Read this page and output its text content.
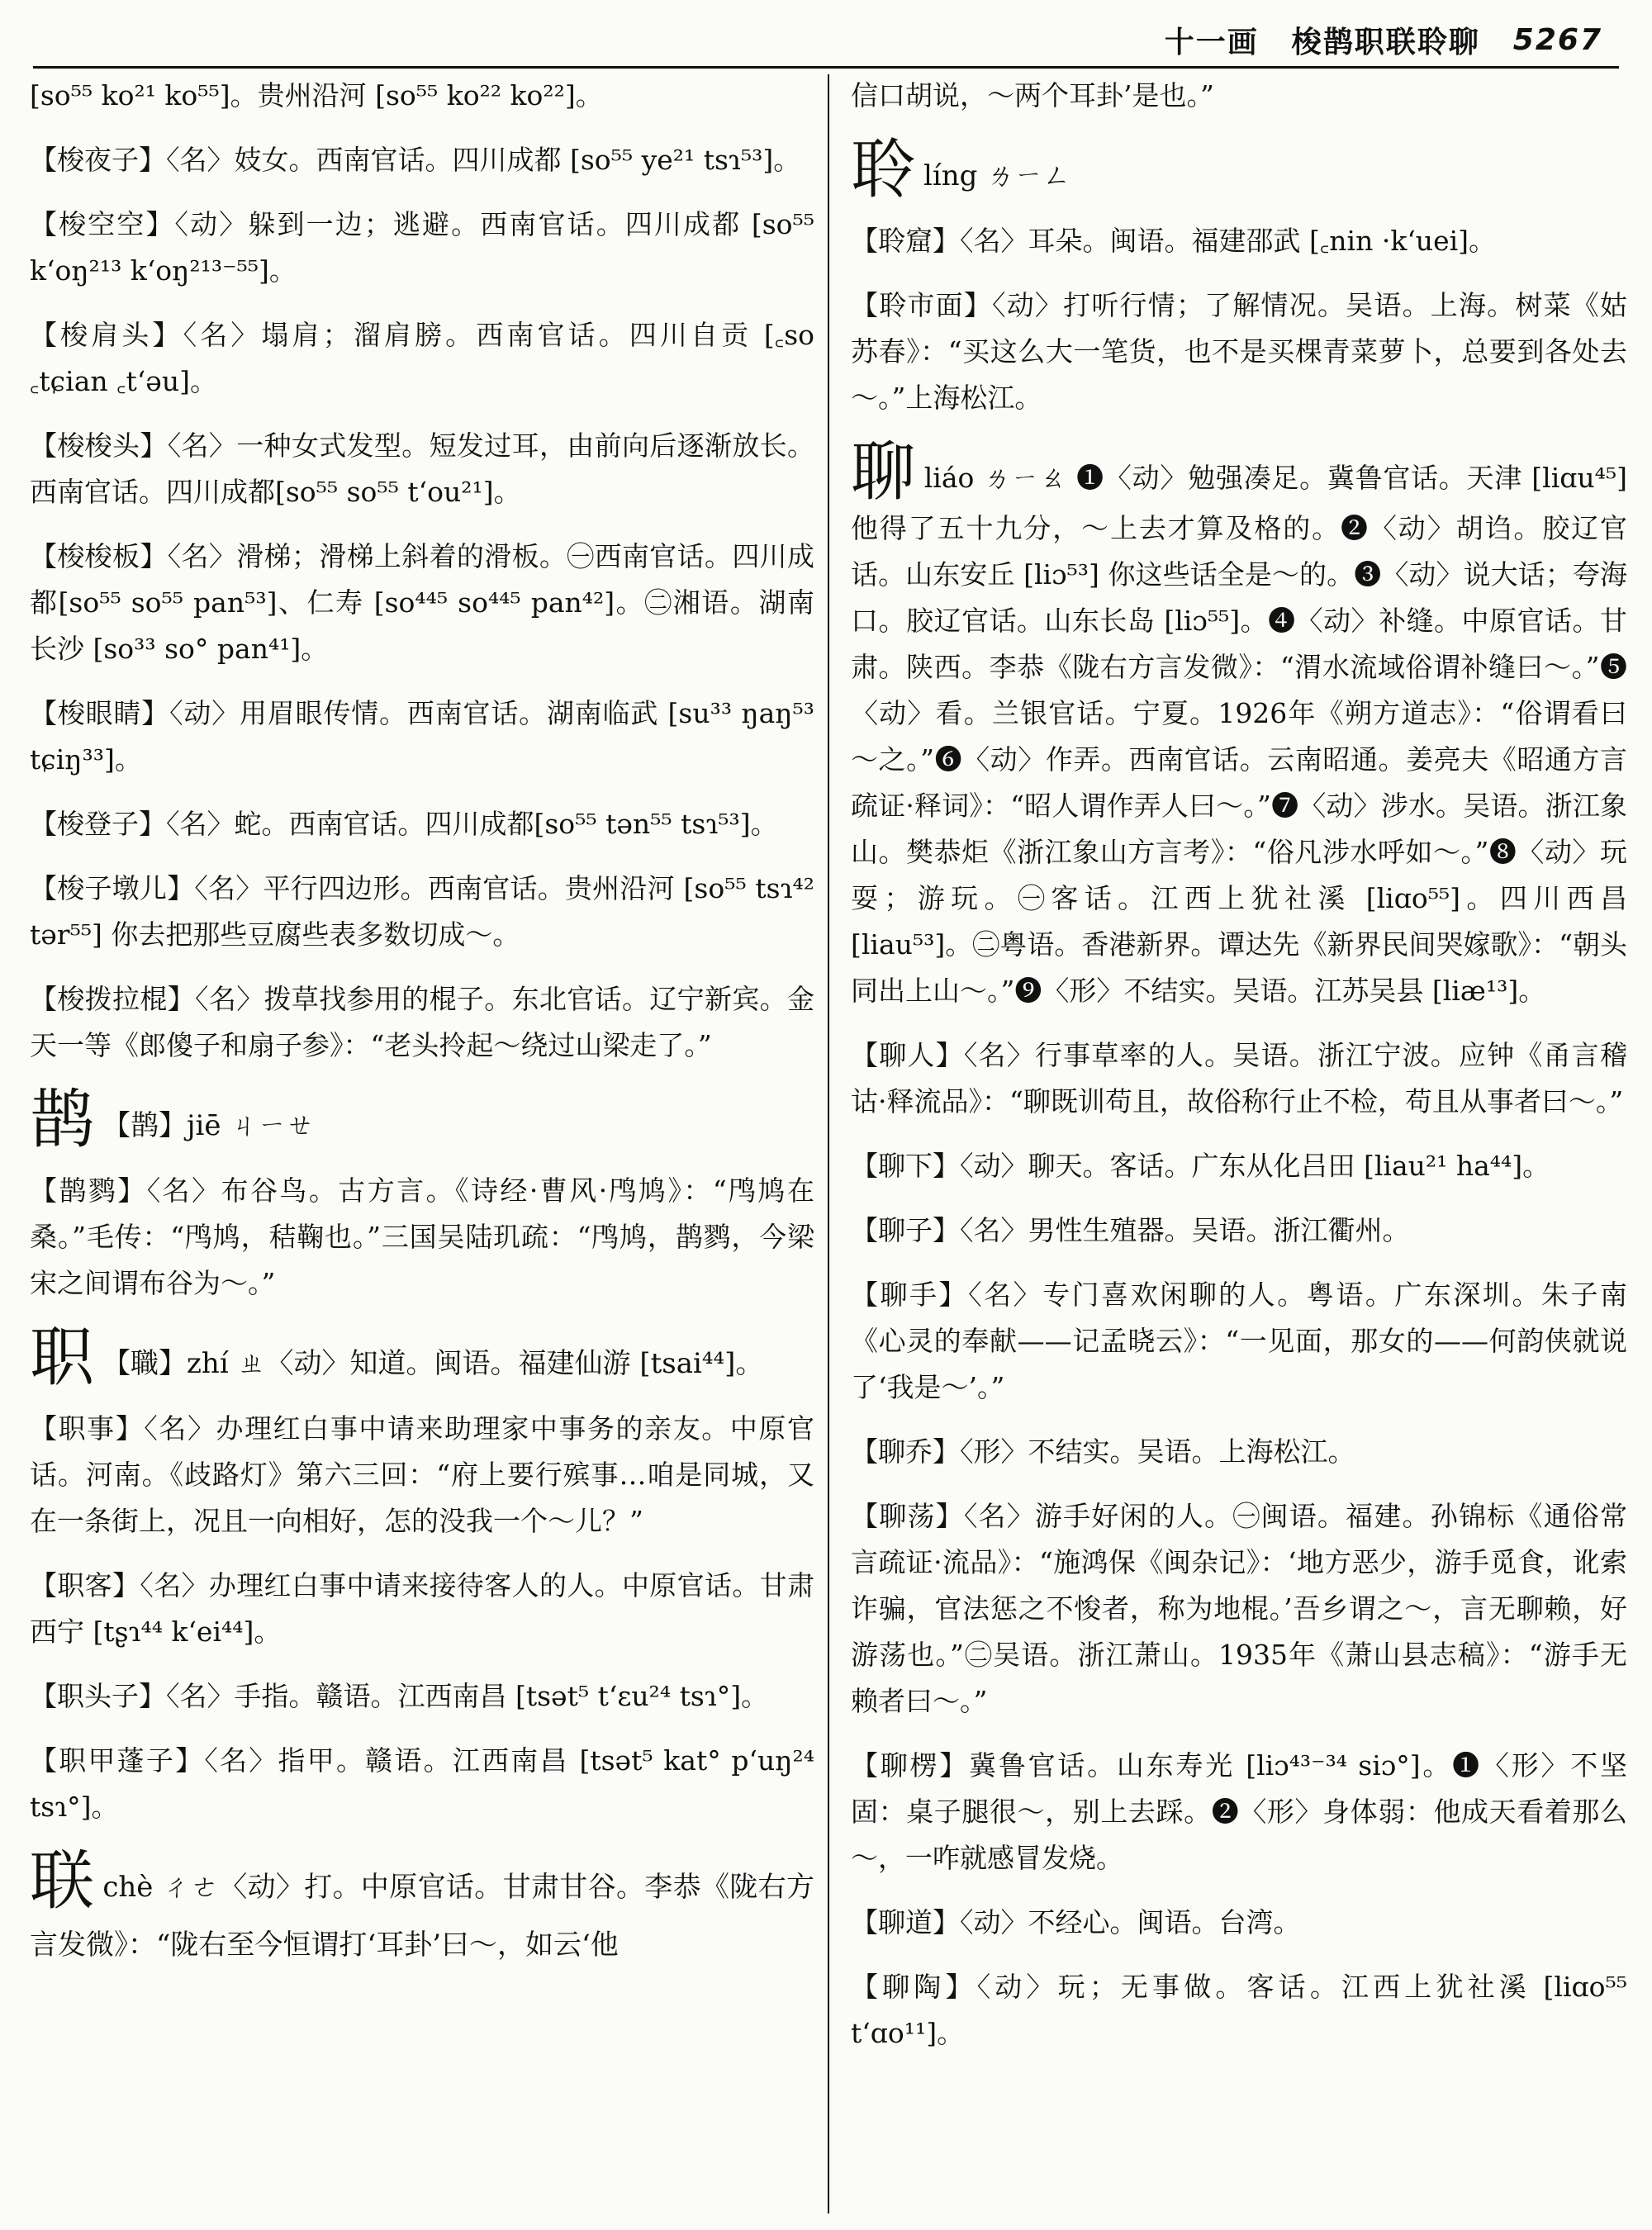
十一画 梭鹊职联聆聊 5267
[so⁵⁵ ko²¹ ko⁵⁵]。贵州沿河 [so⁵⁵ ko²² ko²²]。
【梭夜子】〈名〉妓女。西南官话。四川成都 [so⁵⁵ ye²¹ tsɿ⁵³]。
【梭空空】〈动〉躲到一边；逃避。西南官话。四川成都 [so⁵⁵ k‘oŋ²¹³ k‘oŋ²¹³⁻⁵⁵]。
【梭肩头】〈名〉塌肩；溜肩膀。西南官话。四川自贡 [꜀so ꜀tɕian ꜀t‘əu]。
【梭梭头】〈名〉一种女式发型。短发过耳，由前向后逐渐放长。西南官话。四川成都[so⁵⁵ so⁵⁵ t‘ou²¹]。
【梭梭板】〈名〉滑梯；滑梯上斜着的滑板。㊀西南官话。四川成都[so⁵⁵ so⁵⁵ pan⁵³]、仁寿 [so⁴⁴⁵ so⁴⁴⁵ pan⁴²]。㊁湘语。湖南长沙 [so³³ so° pan⁴¹]。
【梭眼睛】〈动〉用眉眼传情。西南官话。湖南临武 [su³³ ŋaŋ⁵³ tɕiŋ³³]。
【梭登子】〈名〉蛇。西南官话。四川成都[so⁵⁵ tən⁵⁵ tsɿ⁵³]。
【梭子墩儿】〈名〉平行四边形。西南官话。贵州沿河 [so⁵⁵ tsɿ⁴² tər⁵⁵] 你去把那些豆腐些表多数切成～。
【梭拨拉棍】〈名〉拨草找参用的棍子。东北官话。辽宁新宾。金天一等《郎傻子和扇子参》：“老头拎起～绕过山梁走了。”
鹊 【鹊】jiē ㄐㄧㄝ
【鹊鹨】〈名〉布谷鸟。古方言。《诗经·曹风·鸤鸠》：“鸤鸠在桑。”毛传：“鸤鸠，秸鞠也。”三国吴陆玑疏：“鸤鸠，鹊鹨，今梁宋之间谓布谷为～。”
职 【職】zhí ㄓ〈动〉知道。闽语。福建仙游 [tsai⁴⁴]。
【职事】〈名〉办理红白事中请来助理家中事务的亲友。中原官话。河南。《歧路灯》第六三回：“府上要行殡事…咱是同城，又在一条街上，况且一向相好，怎的没我一个～儿？”
【职客】〈名〉办理红白事中请来接待客人的人。中原官话。甘肃西宁 [tʂɿ⁴⁴ k‘ei⁴⁴]。
【职头子】〈名〉手指。赣语。江西南昌 [tsət⁵ t‘ɛu²⁴ tsɿ°]。
【职甲蓬子】〈名〉指甲。赣语。江西南昌 [tsət⁵ kat° p‘uŋ²⁴ tsɿ°]。
联chè ㄔㄜ〈动〉打。中原官话。甘肃甘谷。李恭《陇右方言发微》：“陇右至今恒谓打‘耳卦’曰～，如云‘他
信口胡说，～两个耳卦’是也。”
聆líng ㄌㄧㄥ
【聆窟】〈名〉耳朵。闽语。福建邵武 [꜀nin ·k‘uei]。
【聆市面】〈动〉打听行情；了解情况。吴语。上海。树菜《姑苏春》：“买这么大一笔货，也不是买棵青菜萝卜，总要到各处去～。”上海松江。
聊liáo ㄌㄧㄠ ❶〈动〉勉强凑足。冀鲁官话。天津 [liɑu⁴⁵] 他得了五十九分，～上去才算及格的。❷〈动〉胡诌。胶辽官话。山东安丘 [liɔ⁵³] 你这些话全是～的。❸〈动〉说大话；夸海口。胶辽官话。山东长岛 [liɔ⁵⁵]。❹〈动〉补缝。中原官话。甘肃。陕西。李恭《陇右方言发微》：“渭水流域俗谓补缝曰～。”❺〈动〉看。兰银官话。宁夏。1926年《朔方道志》：“俗谓看曰～之。”❻〈动〉作弄。西南官话。云南昭通。姜亮夫《昭通方言疏证·释词》：“昭人谓作弄人曰～。”❼〈动〉涉水。吴语。浙江象山。樊恭炬《浙江象山方言考》：“俗凡涉水呼如～。”❽〈动〉玩耍；游玩。㊀客话。江西上犹社溪 [liɑo⁵⁵]。四川西昌 [liau⁵³]。㊁粤语。香港新界。谭达先《新界民间哭嫁歌》：“朝头同出上山～。”❾〈形〉不结实。吴语。江苏吴县 [liæ¹³]。
【聊人】〈名〉行事草率的人。吴语。浙江宁波。应钟《甬言稽诂·释流品》：“聊既训苟且，故俗称行止不检，苟且从事者曰～。”
【聊下】〈动〉聊天。客话。广东从化吕田 [liau²¹ ha⁴⁴]。
【聊子】〈名〉男性生殖器。吴语。浙江衢州。
【聊手】〈名〉专门喜欢闲聊的人。粤语。广东深圳。朱子南《心灵的奉献——记孟晓云》：“一见面，那女的——何韵侠就说了‘我是～’。”
【聊乔】〈形〉不结实。吴语。上海松江。
【聊荡】〈名〉游手好闲的人。㊀闽语。福建。孙锦标《通俗常言疏证·流品》：“施鸿保《闽杂记》：‘地方恶少，游手觅食，讹索诈骗，官法惩之不悛者，称为地棍。’吾乡谓之～，言无聊赖，好游荡也。”㊁吴语。浙江萧山。1935年《萧山县志稿》：“游手无赖者曰～。”
【聊楞】冀鲁官话。山东寿光 [liɔ⁴³⁻³⁴ siɔ°]。❶〈形〉不坚固：桌子腿很～，别上去踩。❷〈形〉身体弱：他成天看着那么～，一咋就感冒发烧。
【聊道】〈动〉不经心。闽语。台湾。
【聊陶】〈动〉玩；无事做。客话。江西上犹社溪 [liɑo⁵⁵ t‘ɑo¹¹]。
